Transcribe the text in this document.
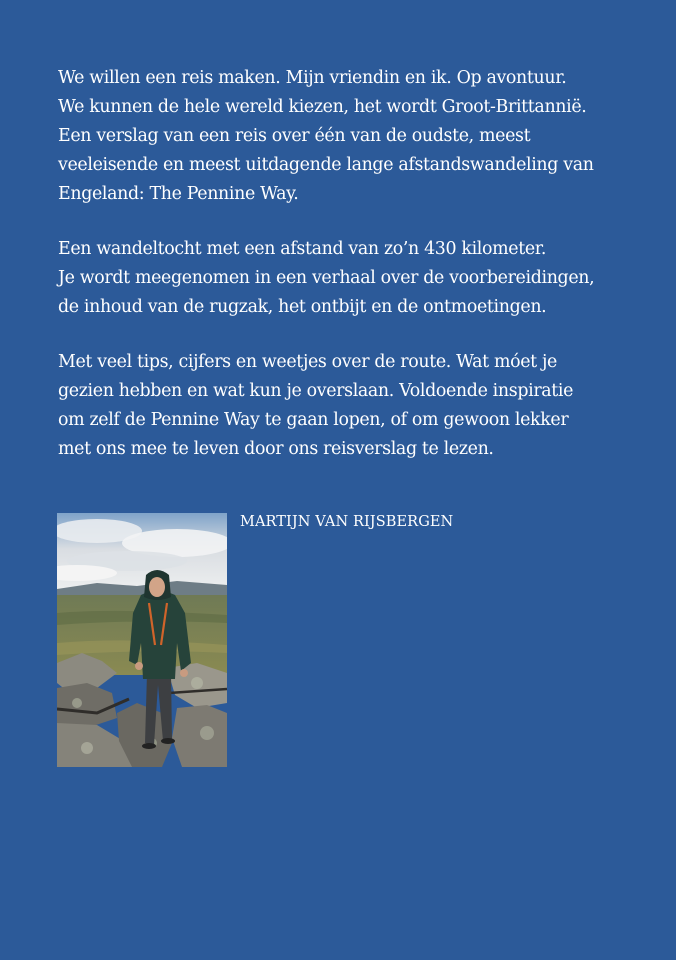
We willen een reis maken. Mijn vriendin en ik. Op avontuur.
We kunnen de hele wereld kiezen, het wordt Groot-Brittannië.
Een verslag van een reis over één van de oudste, meest
veeleisende en meest uitdagende lange afstandswandeling van
Engeland: The Pennine Way.

Een wandeltocht met een afstand van zo’n 430 kilometer.
Je wordt meegenomen in een verhaal over de voorbereidingen,
de inhoud van de rugzak, het ontbijt en de ontmoetingen.

Met veel tips, cijfers en weetjes over de route. Wat móet je
gezien hebben en wat kun je overslaan. Voldoende inspiratie
om zelf de Pennine Way te gaan lopen, of om gewoon lekker
met ons mee te leven door ons reisverslag te lezen.

MARTIJN VAN RIJSBERGEN
